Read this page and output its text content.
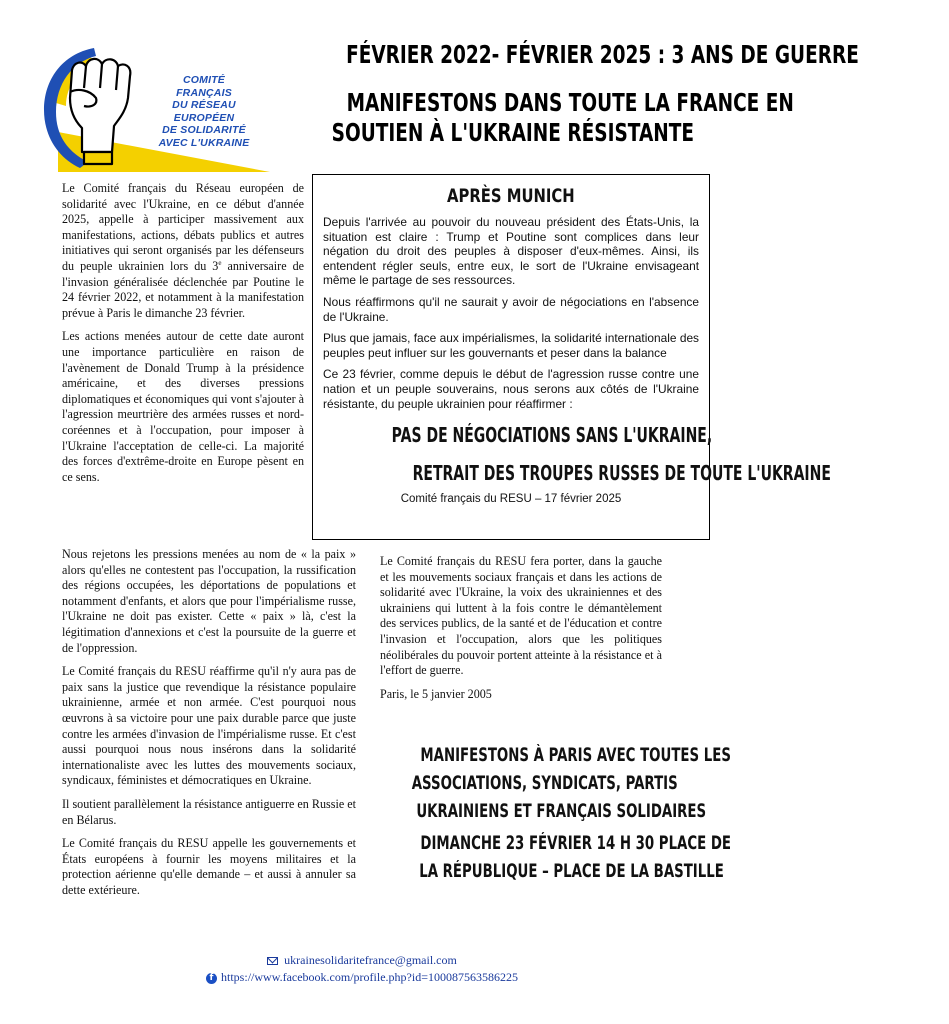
COMITÉ
FRANÇAIS
DU RÉSEAU
EUROPÉEN
DE SOLIDARITÉ
AVEC L'UKRAINE
FÉVRIER 2022- FÉVRIER 2025 : 3 ANS DE GUERRE
MANIFESTONS DANS TOUTE LA FRANCE EN
SOUTIEN À L'UKRAINE RÉSISTANTE

Le Comité français du Réseau européen de solidarité avec l'Ukraine, en ce début d'année 2025, appelle à participer massivement aux manifestations, actions, débats publics et autres initiatives qui seront organisés par les défenseurs du peuple ukrainien lors du 3e anniversaire de l'invasion généralisée déclenchée par Poutine le 24 février 2022, et notamment à la manifestation prévue à Paris le dimanche 23 février.

Les actions menées autour de cette date auront une importance particulière en raison de l'avènement de Donald Trump à la présidence américaine, et des diverses pressions diplomatiques et économiques qui vont s'ajouter à l'agression meurtrière des armées russes et nord-coréennes et à l'occupation, pour imposer à l'Ukraine l'acceptation de celle-ci. La majorité des forces d'extrême-droite en Europe pèsent en ce sens.

Nous rejetons les pressions menées au nom de « la paix » alors qu'elles ne contestent pas l'occupation, la russification des régions occupées, les déportations de populations et notamment d'enfants, et alors que pour l'impérialisme russe, l'Ukraine ne doit pas exister. Cette « paix » là, c'est la légitimation d'annexions et c'est la poursuite de la guerre et de l'oppression.

Le Comité français du RESU réaffirme qu'il n'y aura pas de paix sans la justice que revendique la résistance populaire ukrainienne, armée et non armée. C'est pourquoi nous œuvrons à sa victoire pour une paix durable parce que juste contre les armées d'invasion de l'impérialisme russe. Et c'est aussi pourquoi nous nous insérons dans la solidarité internationaliste avec les luttes des mouvements sociaux, syndicaux, féministes et démocratiques en Ukraine.

Il soutient parallèlement la résistance antiguerre en Russie et en Bélarus.

Le Comité français du RESU appelle les gouvernements et États européens à fournir les moyens militaires et la protection aérienne qu'elle demande – et aussi à annuler sa dette extérieure.

APRÈS MUNICH

Depuis l'arrivée au pouvoir du nouveau président des États-Unis, la situation est claire : Trump et Poutine sont complices dans leur négation du droit des peuples à disposer d'eux-mêmes. Ainsi, ils entendent régler seuls, entre eux, le sort de l'Ukraine envisageant même le partage de ses ressources.

Nous réaffirmons qu'il ne saurait y avoir de négociations en l'absence de l'Ukraine.

Plus que jamais, face aux impérialismes, la solidarité internationale des peuples peut influer sur les gouvernants et peser dans la balance

Ce 23 février, comme depuis le début de l'agression russe contre une nation et un peuple souverains, nous serons aux côtés de l'Ukraine résistante, du peuple ukrainien pour réaffirmer :

PAS DE NÉGOCIATIONS SANS L'UKRAINE,
RETRAIT DES TROUPES RUSSES DE TOUTE L'UKRAINE
Comité français du RESU – 17 février 2025

Le Comité français du RESU fera porter, dans la gauche et les mouvements sociaux français et dans les actions de solidarité avec l'Ukraine, la voix des ukrainiennes et des ukrainiens qui luttent à la fois contre le démantèlement des services publics, de la santé et de l'éducation et contre l'invasion et l'occupation, alors que les politiques néolibérales du pouvoir portent atteinte à la résistance et à l'effort de guerre.

Paris, le 5 janvier 2005

MANIFESTONS À PARIS AVEC TOUTES LES
ASSOCIATIONS, SYNDICATS, PARTIS
UKRAINIENS ET FRANÇAIS SOLIDAIRES
DIMANCHE 23 FÉVRIER 14 H 30 PLACE DE
LA RÉPUBLIQUE – PLACE DE LA BASTILLE
ukrainesolidaritefrance@gmail.com
f https://www.facebook.com/profile.php?id=100087563586225
